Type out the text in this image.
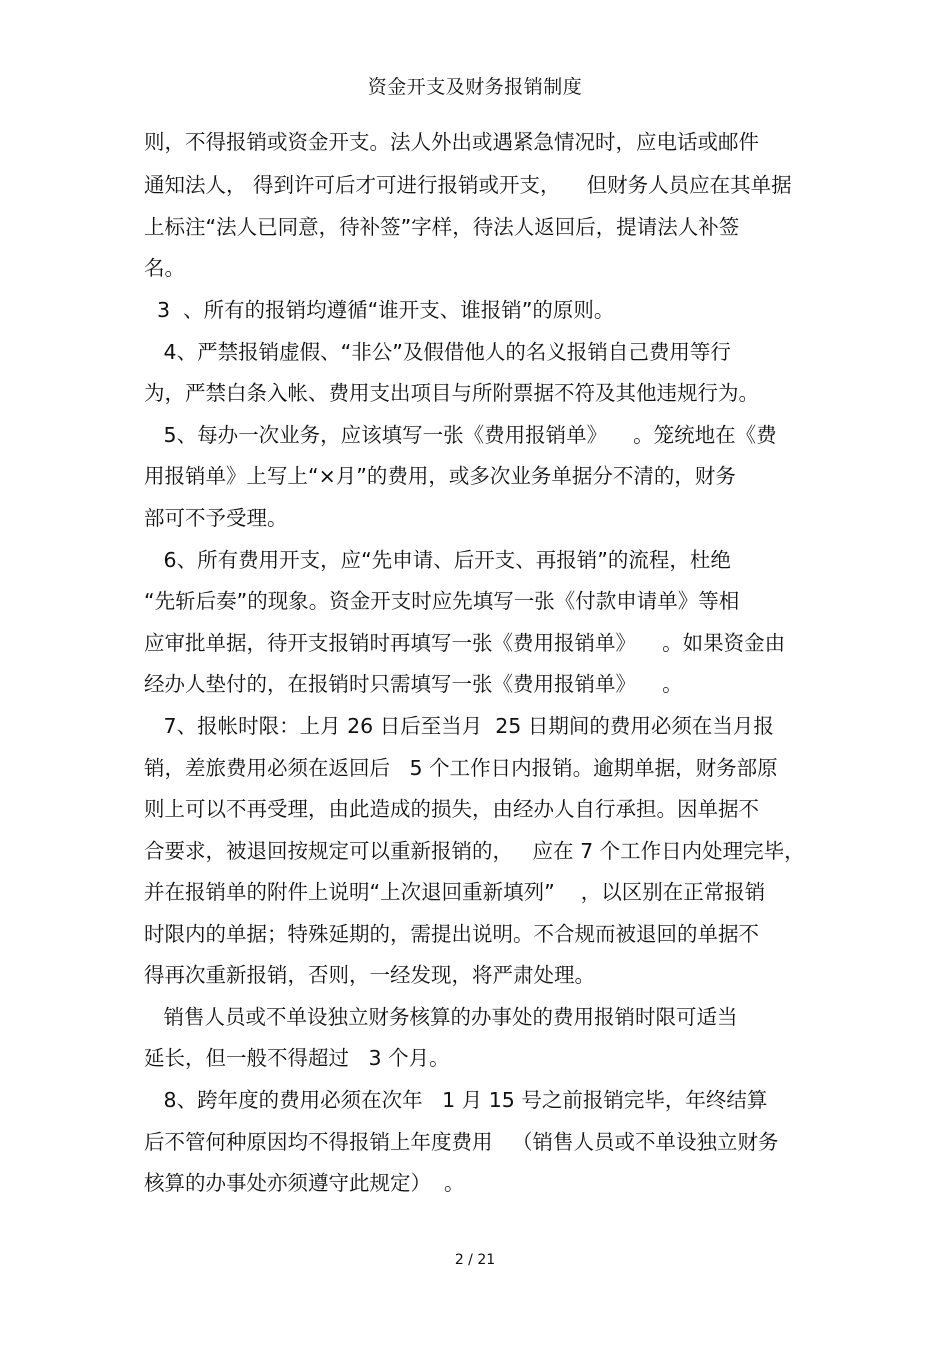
资金开支及财务报销制度
则，不得报销或资金开支。法人外出或遇紧急情况时，应电话或邮件
通知法人， 得到许可后才可进行报销或开支，    但财务人员应在其单据
上标注“法人已同意，待补签”字样，待法人返回后，提请法人补签
名。
3  、所有的报销均遵循“谁开支、谁报销”的原则。
4、严禁报销虚假、“非公”及假借他人的名义报销自己费用等行
为，严禁白条入帐、费用支出项目与所附票据不符及其他违规行为。
5、每办一次业务，应该填写一张《费用报销单》    。笼统地在《费
用报销单》上写上“×月”的费用，或多次业务单据分不清的，财务
部可不予受理。
6、所有费用开支，应“先申请、后开支、再报销”的流程，杜绝
“先斩后奏”的现象。资金开支时应先填写一张《付款申请单》等相
应审批单据，待开支报销时再填写一张《费用报销单》    。如果资金由
经办人垫付的，在报销时只需填写一张《费用报销单》    。
7、报帐时限：上月 26 日后至当月  25 日期间的费用必须在当月报
销，差旅费用必须在返回后   5 个工作日内报销。逾期单据，财务部原
则上可以不再受理，由此造成的损失，由经办人自行承担。因单据不
合要求，被退回按规定可以重新报销的，   应在 7 个工作日内处理完毕，
并在报销单的附件上说明“上次退回重新填列”    ，以区别在正常报销
时限内的单据；特殊延期的，需提出说明。不合规而被退回的单据不
得再次重新报销，否则，一经发现，将严肃处理。
销售人员或不单设独立财务核算的办事处的费用报销时限可适当
延长，但一般不得超过   3 个月。
8、跨年度的费用必须在次年   1 月 15 号之前报销完毕，年终结算
后不管何种原因均不得报销上年度费用   （销售人员或不单设独立财务
核算的办事处亦须遵守此规定）  。
2 / 21
